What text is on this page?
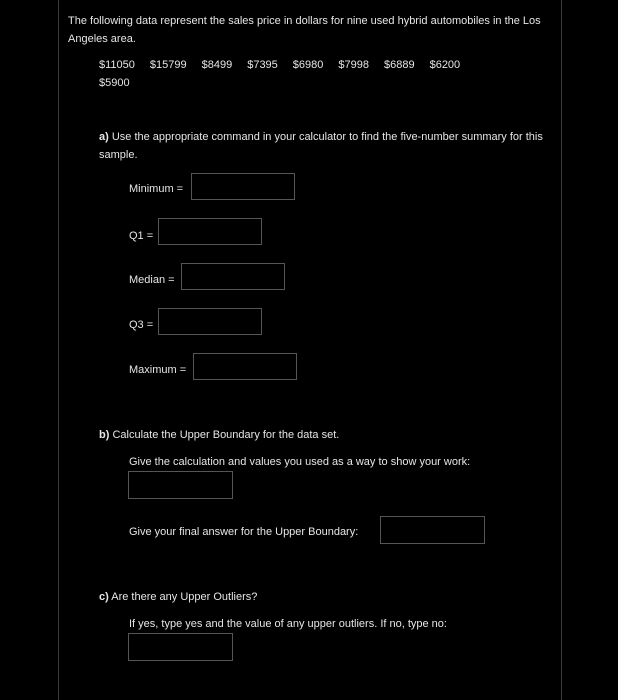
The following data represent the sales price in dollars for nine used hybrid automobiles in the Los Angeles area.
$11050 $15799 $8499 $7395 $6980 $7998 $6889 $6200
$5900
a) Use the appropriate command in your calculator to find the five-number summary for this sample.
Minimum =
Q1 =
Median =
Q3 =
Maximum =
b) Calculate the Upper Boundary for the data set.
Give the calculation and values you used as a way to show your work:
Give your final answer for the Upper Boundary:
c) Are there any Upper Outliers?
If yes, type yes and the value of any upper outliers. If no, type no:
